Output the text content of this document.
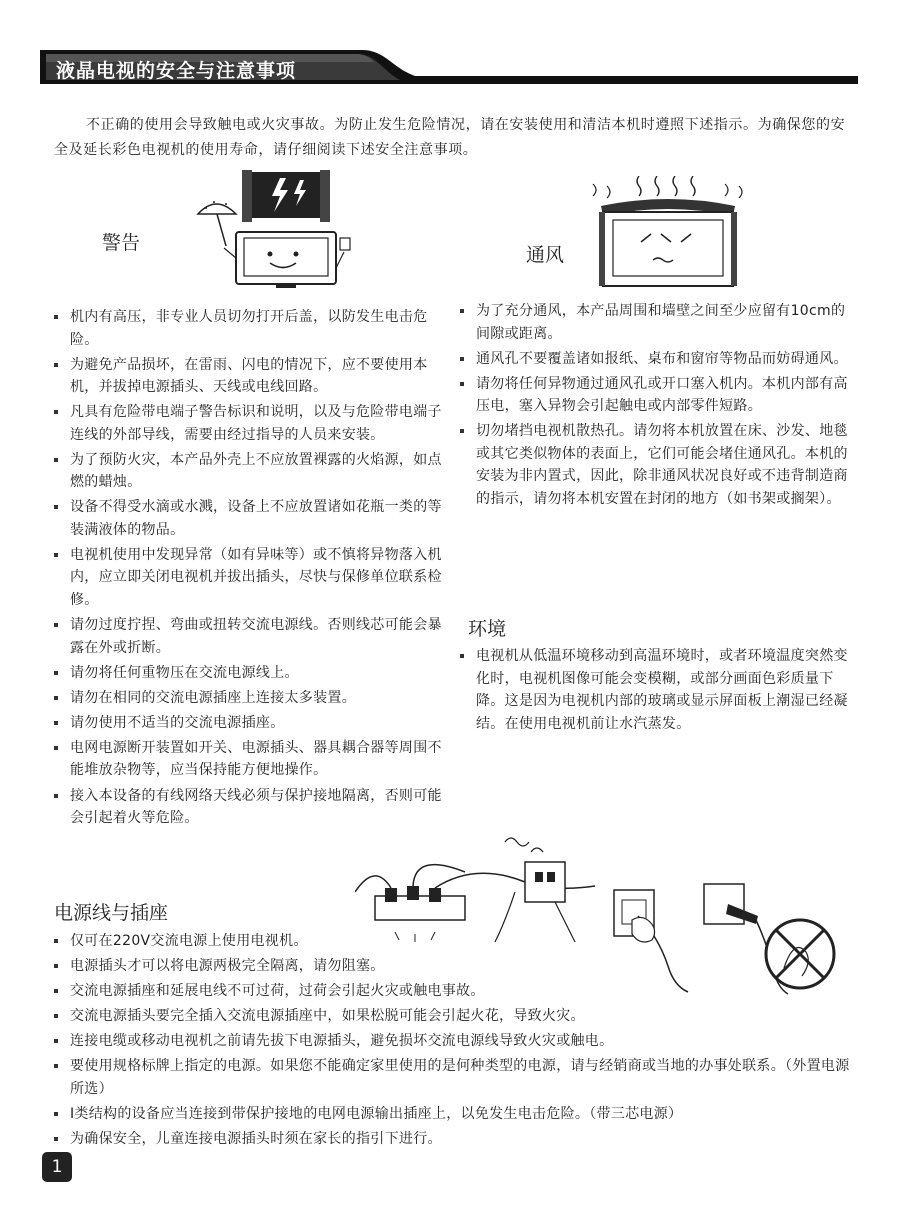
液晶电视的安全与注意事项
不正确的使用会导致触电或火灾事故。为防止发生危险情况，请在安装使用和清洁本机时遵照下述指示。为确保您的安全及延长彩色电视机的使用寿命，请仔细阅读下述安全注意事项。
警告
机内有高压，非专业人员切勿打开后盖，以防发生电击危险。
为避免产品损坏，在雷雨、闪电的情况下，应不要使用本机，并拔掉电源插头、天线或电线回路。
凡具有危险带电端子警告标识和说明，以及与危险带电端子连线的外部导线，需要由经过指导的人员来安装。
为了预防火灾，本产品外壳上不应放置裸露的火焰源，如点燃的蜡烛。
设备不得受水滴或水溅，设备上不应放置诸如花瓶一类的等装满液体的物品。
电视机使用中发现异常（如有异味等）或不慎将异物落入机内，应立即关闭电视机并拔出插头，尽快与保修单位联系检修。
请勿过度拧捏、弯曲或扭转交流电源线。否则线芯可能会暴露在外或折断。
请勿将任何重物压在交流电源线上。
请勿在相同的交流电源插座上连接太多装置。
请勿使用不适当的交流电源插座。
电网电源断开装置如开关、电源插头、器具耦合器等周围不能堆放杂物等，应当保持能方便地操作。
接入本设备的有线网络天线必须与保护接地隔离，否则可能会引起着火等危险。
通风
为了充分通风，本产品周围和墙壁之间至少应留有10cm的间隙或距离。
通风孔不要覆盖诸如报纸、桌布和窗帘等物品而妨碍通风。
请勿将任何异物通过通风孔或开口塞入机内。本机内部有高压电，塞入异物会引起触电或内部零件短路。
切勿堵挡电视机散热孔。请勿将本机放置在床、沙发、地毯或其它类似物体的表面上，它们可能会堵住通风孔。本机的安装为非内置式，因此，除非通风状况良好或不违背制造商的指示，请勿将本机安置在封闭的地方（如书架或搁架）。
环境
电视机从低温环境移动到高温环境时，或者环境温度突然变化时，电视机图像可能会变模糊，或部分画面色彩质量下降。这是因为电视机内部的玻璃或显示屏面板上潮湿已经凝结。在使用电视机前让水汽蒸发。
电源线与插座
仅可在220V交流电源上使用电视机。
电源插头才可以将电源两极完全隔离，请勿阻塞。
交流电源插座和延展电线不可过荷，过荷会引起火灾或触电事故。
交流电源插头要完全插入交流电源插座中，如果松脱可能会引起火花，导致火灾。
连接电缆或移动电视机之前请先拔下电源插头，避免损坏交流电源线导致火灾或触电。
要使用规格标牌上指定的电源。如果您不能确定家里使用的是何种类型的电源，请与经销商或当地的办事处联系。（外置电源所选）
Ⅰ类结构的设备应当连接到带保护接地的电网电源输出插座上，以免发生电击危险。（带三芯电源）
为确保安全，儿童连接电源插头时须在家长的指引下进行。
1
